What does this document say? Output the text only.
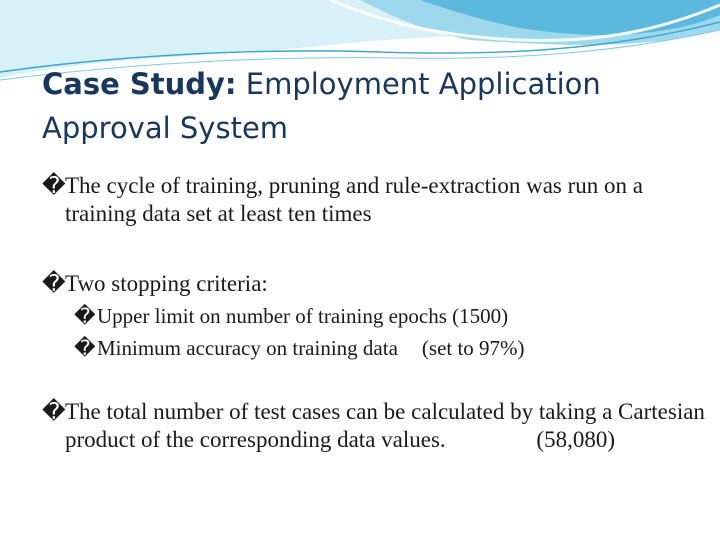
Case Study: Employment Application Approval System
�The cycle of training, pruning and rule-extraction was run on a training data set at least ten times
�Two stopping criteria:
�Upper limit on number of training epochs (1500)
�Minimum accuracy on training data (set to 97%)
�The total number of test cases can be calculated by taking a Cartesian product of the corresponding data values.	(58,080)
